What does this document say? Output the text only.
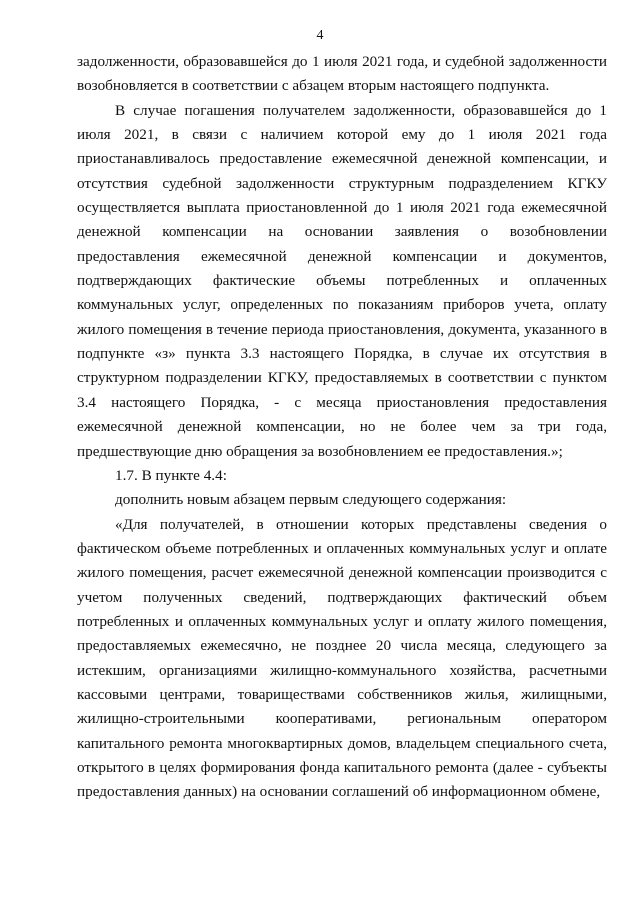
4

задолженности, образовавшейся до 1 июля 2021 года, и судебной задолженности возобновляется в соответствии с абзацем вторым настоящего подпункта.

В случае погашения получателем задолженности, образовавшейся до 1 июля 2021, в связи с наличием которой ему до 1 июля 2021 года приостанавливалось предоставление ежемесячной денежной компенсации, и отсутствия судебной задолженности структурным подразделением КГКУ осуществляется выплата приостановленной до 1 июля 2021 года ежемесячной денежной компенсации на основании заявления о возобновлении предоставления ежемесячной денежной компенсации и документов, подтверждающих фактические объемы потребленных и оплаченных коммунальных услуг, определенных по показаниям приборов учета, оплату жилого помещения в течение периода приостановления, документа, указанного в подпункте «з» пункта 3.3 настоящего Порядка, в случае их отсутствия в структурном подразделении КГКУ, предоставляемых в соответствии с пунктом 3.4 настоящего Порядка, - с месяца приостановления предоставления ежемесячной денежной компенсации, но не более чем за три года, предшествующие дню обращения за возобновлением ее предоставления.»;

1.7. В пункте 4.4:

дополнить новым абзацем первым следующего содержания:

«Для получателей, в отношении которых представлены сведения о фактическом объеме потребленных и оплаченных коммунальных услуг и оплате жилого помещения, расчет ежемесячной денежной компенсации производится с учетом полученных сведений, подтверждающих фактический объем потребленных и оплаченных коммунальных услуг и оплату жилого помещения, предоставляемых ежемесячно, не позднее 20 числа месяца, следующего за истекшим, организациями жилищно-коммунального хозяйства, расчетными кассовыми центрами, товариществами собственников жилья, жилищными, жилищно-строительными кооперативами, региональным оператором капитального ремонта многоквартирных домов, владельцем специального счета, открытого в целях формирования фонда капитального ремонта (далее - субъекты предоставления данных) на основании соглашений об информационном обмене,
